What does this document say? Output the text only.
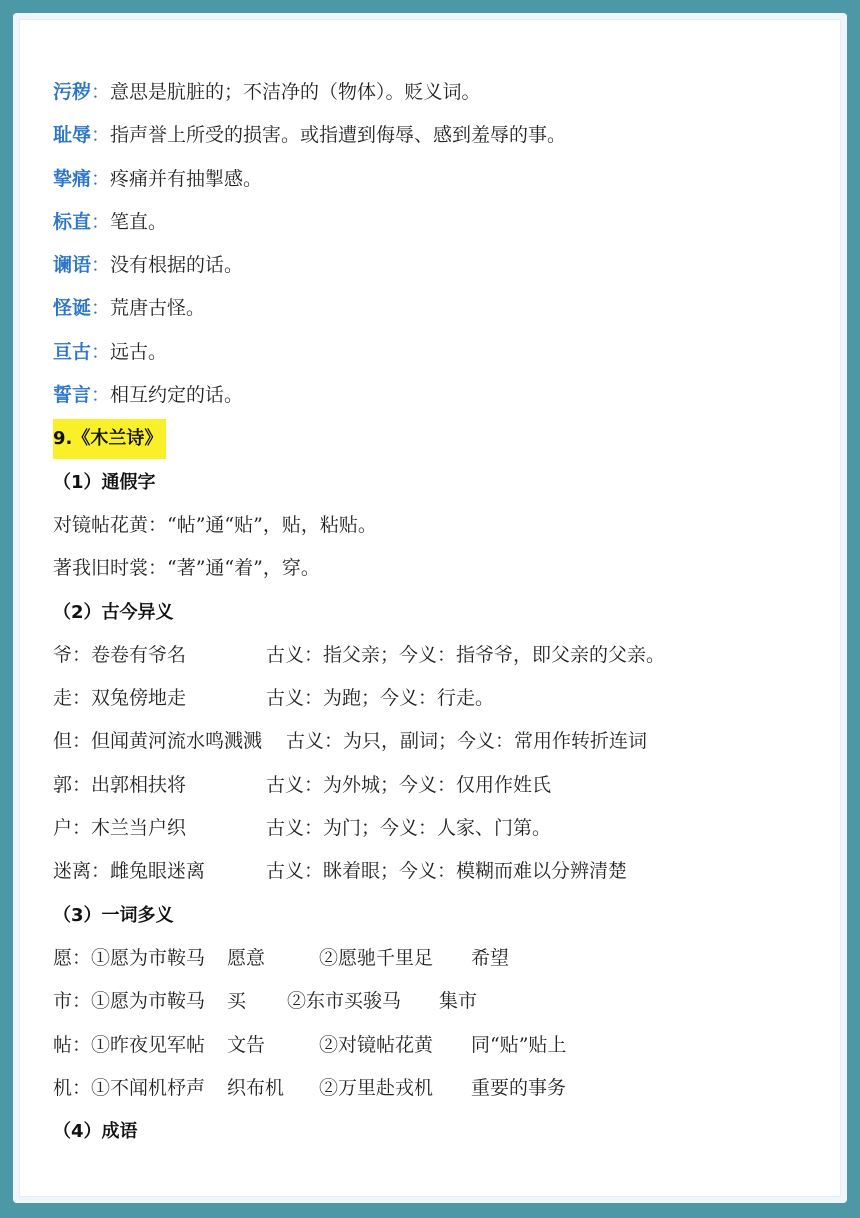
污秽：意思是肮脏的；不洁净的（物体）。贬义词。
耻辱：指声誉上所受的损害。或指遭到侮辱、感到羞辱的事。
挚痛：疼痛并有抽掣感。
标直：笔直。
谰语：没有根据的话。
怪诞：荒唐古怪。
亘古：远古。
誓言：相互约定的话。
9.《木兰诗》
（1）通假字
对镜帖花黄：“帖”通“贴”，贴，粘贴。
著我旧时裳：“著”通“着”，穿。
（2）古今异义
爷：卷卷有爷名	古义：指父亲；今义：指爷爷，即父亲的父亲。
走：双兔傍地走	古义：为跑；今义：行走。
但：但闻黄河流水鸣溅溅 古义：为只，副词；今义：常用作转折连词
郭：出郭相扶将	古义：为外城；今义：仅用作姓氏
户：木兰当户织	古义：为门；今义：人家、门第。
迷离：雌兔眼迷离	古义：眯着眼；今义：模糊而难以分辨清楚
（3）一词多义
愿：①愿为市鞍马 愿意	②愿驰千里足 希望
市：①愿为市鞍马 买 ②东市买骏马 集市
帖：①昨夜见军帖 文告	②对镜帖花黄 同“贴”贴上
机：①不闻机杼声 织布机 ②万里赴戎机 重要的事务
（4）成语
